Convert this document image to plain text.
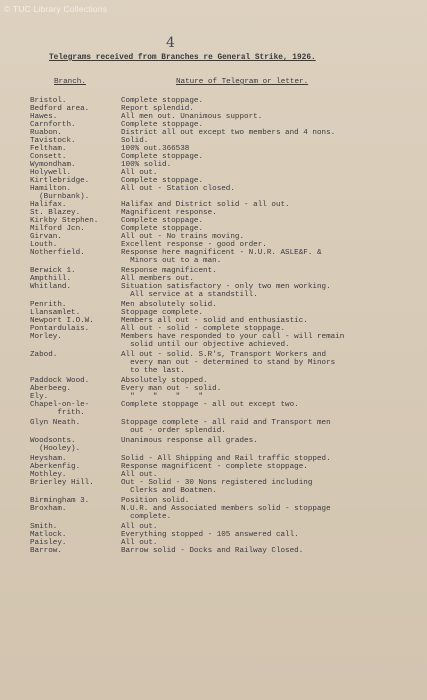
© TUC Library Collections
4
Telegrams received from Branches re General Strike, 1926.
Branch.	Nature of Telegram or letter.
Bristol.	Complete stoppage.
Bedford area.	Report splendid.
Hawes.	All men out. Unanimous support.
Carnforth.	Complete stoppage.
Ruabon.	District all out except two members and 4 nons.
Tavistock.	Solid.
Feltham.	100% out.366538
Consett.	Complete stoppage.
Wymondham.	100% solid.
Holywell.	All out.
Kirtlebridge.	Complete stoppage.
Hamilton.	All out - Station closed.
(Burnbank).
Halifax.	Halifax and District solid - all out.
St. Blazey.	Magnificent response.
Kirkby Stephen.	Complete stoppage.
Milford Jcn.	Complete stoppage.
Girvan.	All out - No trains moving.
Louth.	Excellent response - good order.
Notherfield.	Response here magnificent - N.U.R. ASLE&F. &
Minors out to a man.
Berwick 1.	Response magnificent.
Ampthill.	All members out.
Whitland.	Situation satisfactory - only two men working.
All service at a standstill.
Penrith.	Men absolutely solid.
Llansamlet.	Stoppage complete.
Newport I.O.W.	Members all out - solid and enthusiastic.
Pontardulais.	All out - solid - complete stoppage.
Morley.	Members have responded to your call - will remain
solid until our objective achieved.
Zabod.	All out - solid. S.R's, Transport Workers and
every man out - determined to stand by Minors
to the last.
Paddock Wood.	Absolutely stopped.
Aberbeeg.	Every man out - solid.
Ely.	"    "    "    "
Chapel-on-le-	Complete stoppage - all out except two.
frith.
Glyn Neath.	Stoppage complete - all raid and Transport men
out - order splendid.
Woodsonts.	Unanimous response all grades.
(Hooley).
Heysham.	Solid - All Shipping and Rail traffic stopped.
Aberkenfig.	Response magnificent - complete stoppage.
Mothley.	All out.
Brierley Hill.	Out - Solid - 30 Nons registered including
Clerks and Boatmen.
Birmingham 3.	Position solid.
Broxham.	N.U.R. and Associated members solid - stoppage
complete.
Smith.	All out.
Matlock.	Everything stopped - 105 answered call.
Paisley.	All out.
Barrow.	Barrow solid - Docks and Railway Closed.
